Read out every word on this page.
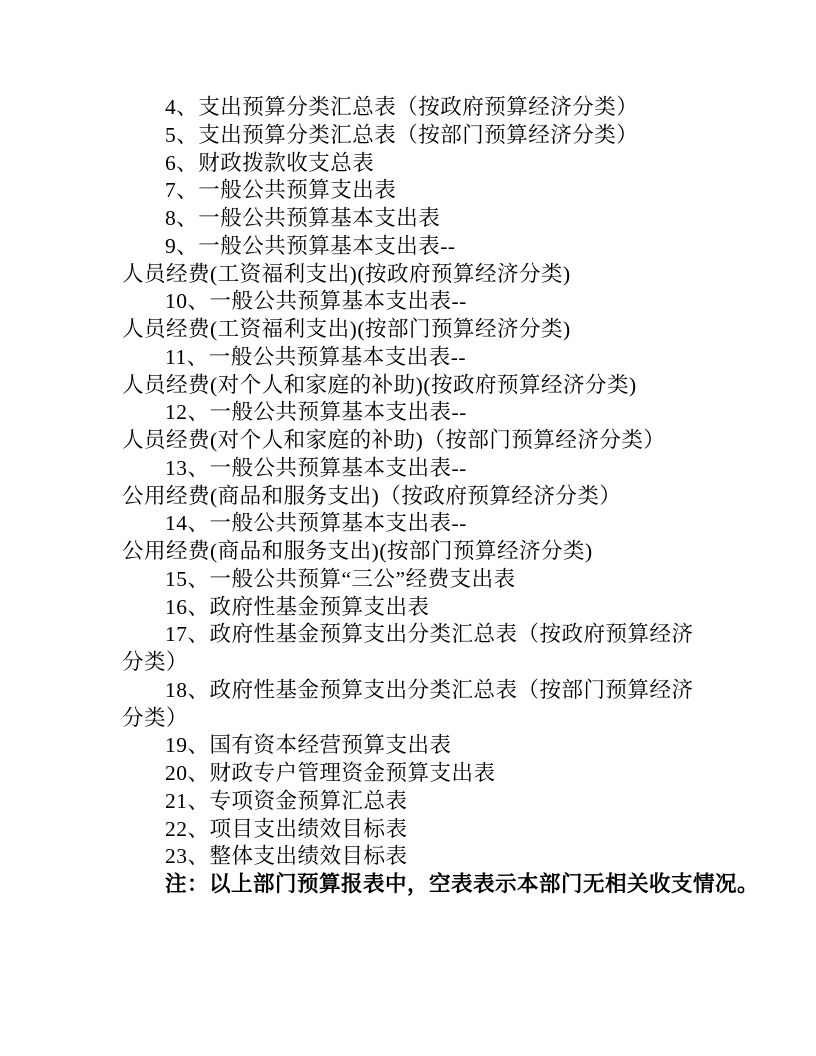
4、支出预算分类汇总表（按政府预算经济分类）
5、支出预算分类汇总表（按部门预算经济分类）
6、财政拨款收支总表
7、一般公共预算支出表
8、一般公共预算基本支出表
9、一般公共预算基本支出表--
人员经费(工资福利支出)(按政府预算经济分类)
10、一般公共预算基本支出表--
人员经费(工资福利支出)(按部门预算经济分类)
11、一般公共预算基本支出表--
人员经费(对个人和家庭的补助)(按政府预算经济分类)
12、一般公共预算基本支出表--
人员经费(对个人和家庭的补助)（按部门预算经济分类）
13、一般公共预算基本支出表--
公用经费(商品和服务支出)（按政府预算经济分类）
14、一般公共预算基本支出表--
公用经费(商品和服务支出)(按部门预算经济分类)
15、一般公共预算“三公”经费支出表
16、政府性基金预算支出表
17、政府性基金预算支出分类汇总表（按政府预算经济
分类）
18、政府性基金预算支出分类汇总表（按部门预算经济
分类）
19、国有资本经营预算支出表
20、财政专户管理资金预算支出表
21、专项资金预算汇总表
22、项目支出绩效目标表
23、整体支出绩效目标表
注：以上部门预算报表中，空表表示本部门无相关收支情况。
